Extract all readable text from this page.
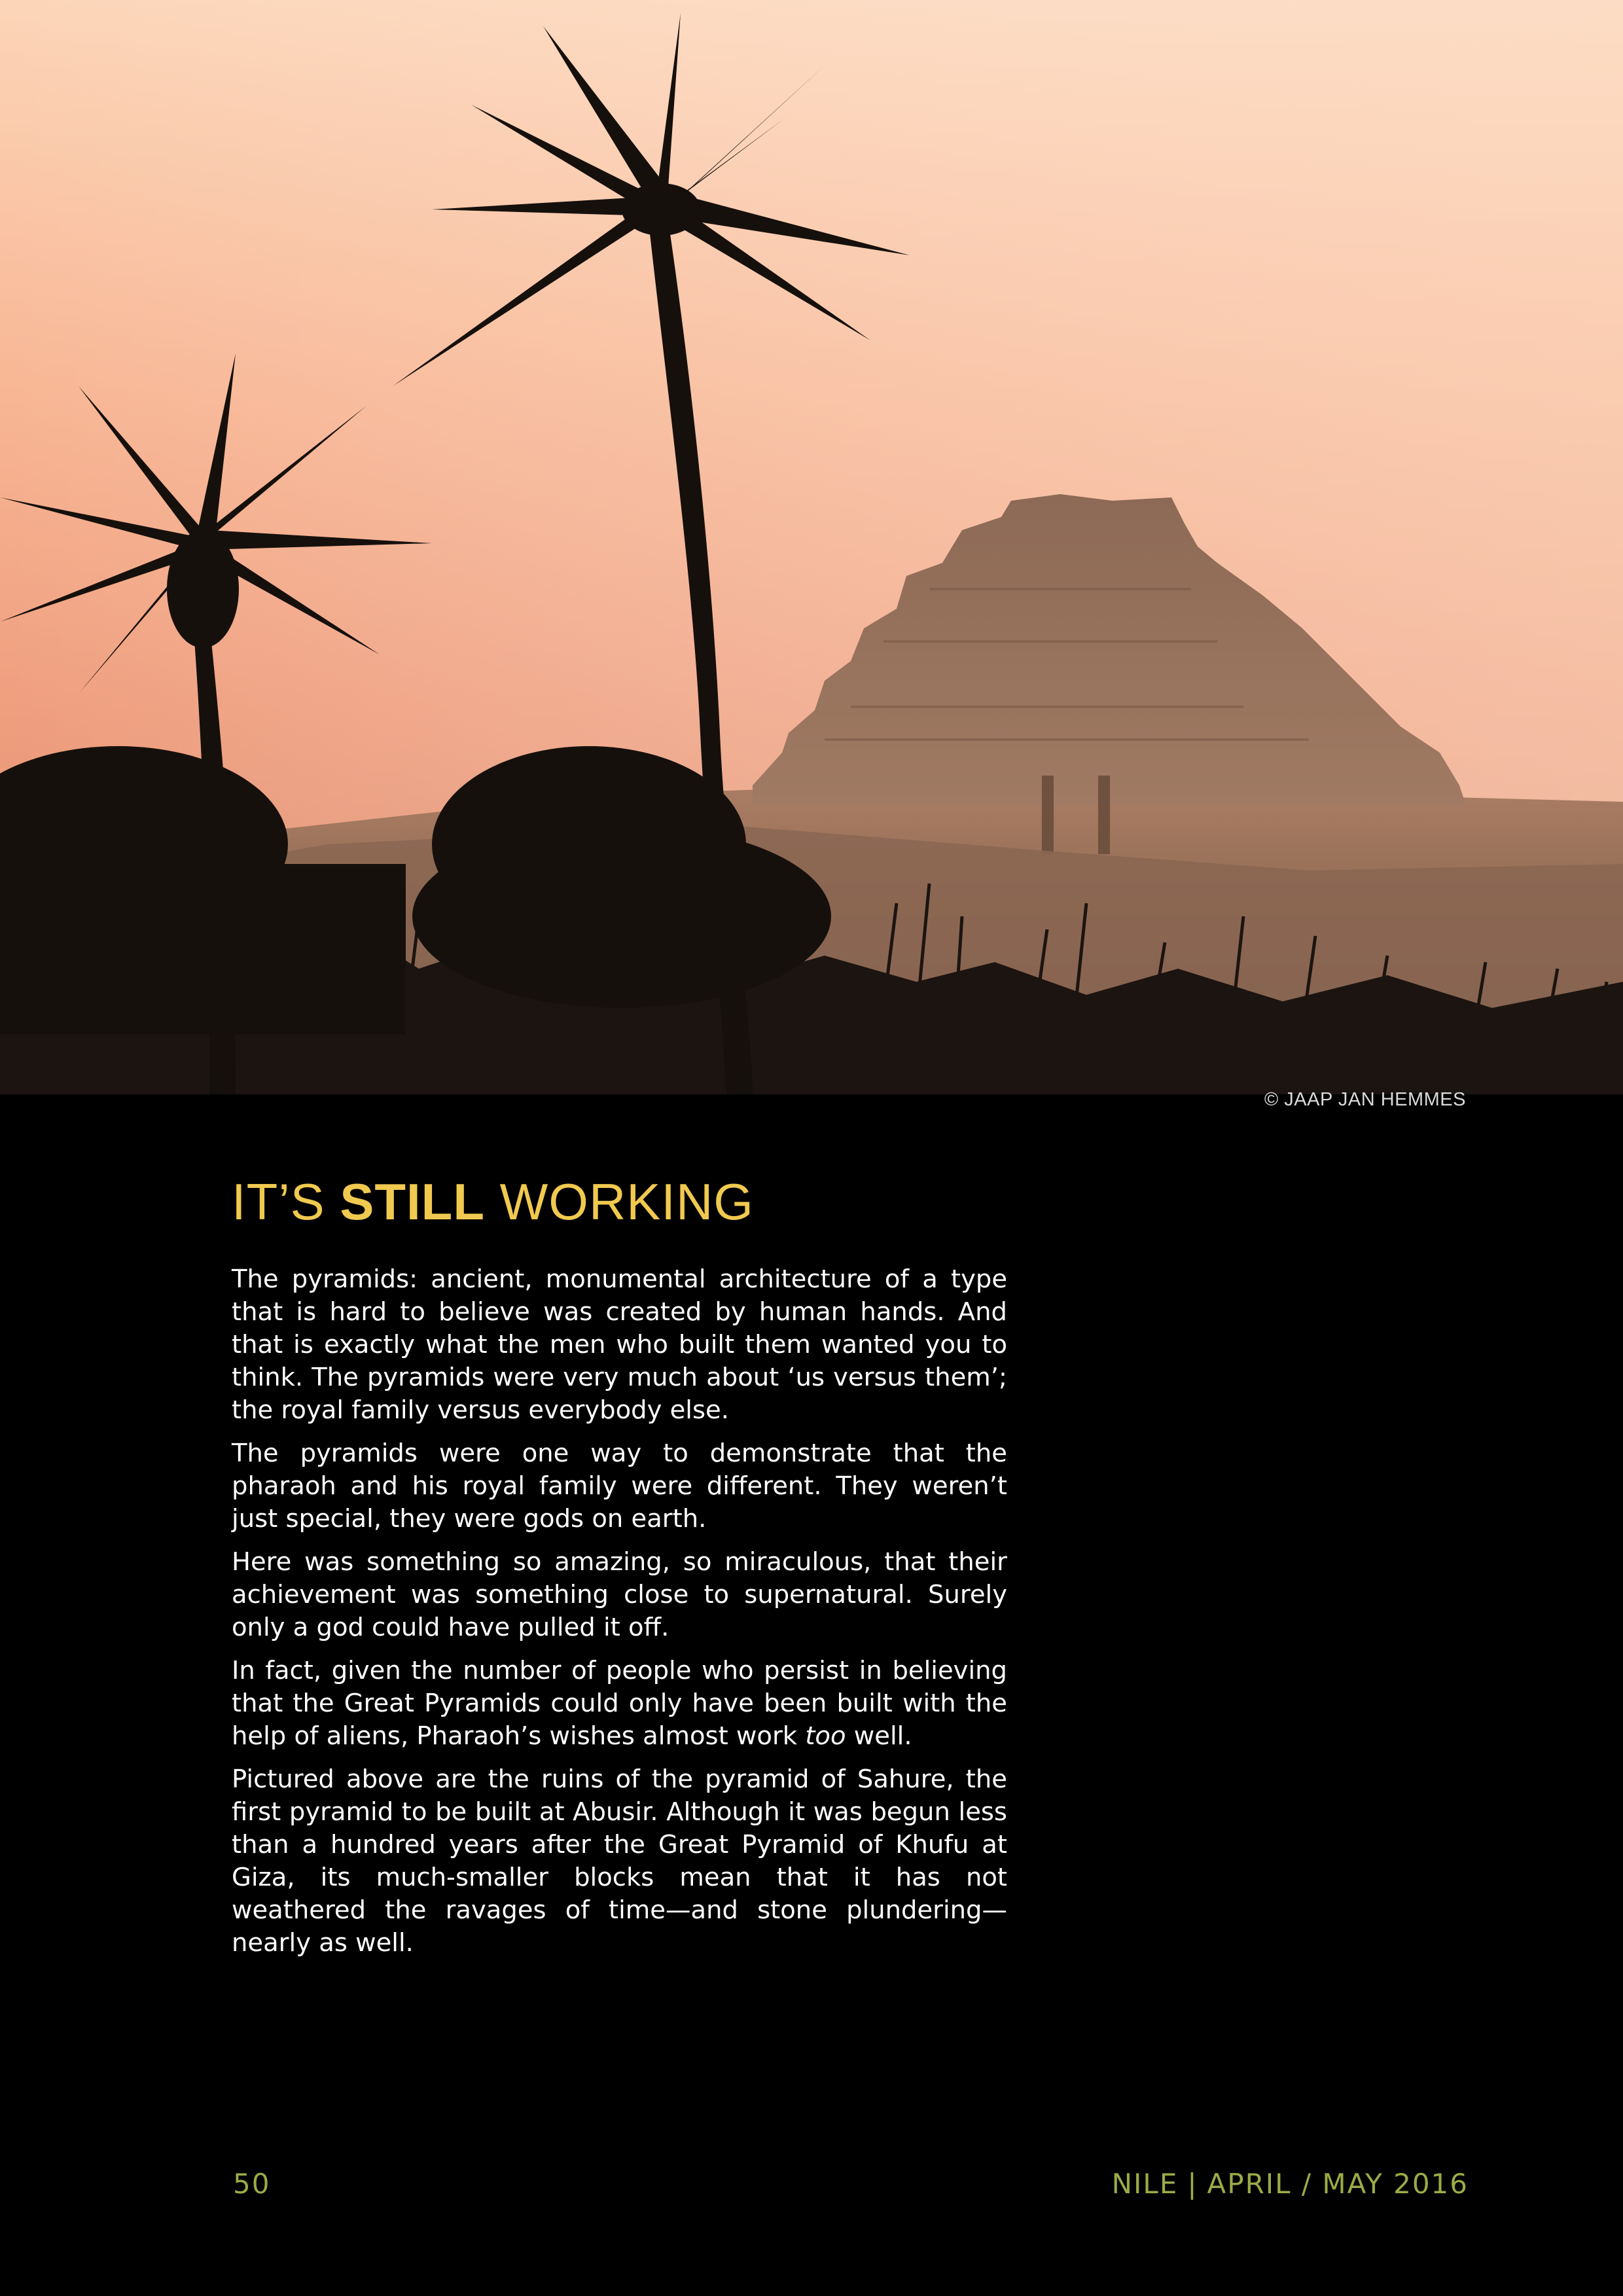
© JAAP JAN HEMMES
IT’S STILL WORKING

The pyramids: ancient, monumental architecture of a type that is hard to believe was created by human hands. And that is exactly what the men who built them wanted you to think. The pyramids were very much about ‘us versus them’; the royal family versus everybody else.

The pyramids were one way to demonstrate that the pharaoh and his royal family were different. They weren’t just special, they were gods on earth.

Here was something so amazing, so miraculous, that their achievement was something close to supernatural. Surely only a god could have pulled it off.

In fact, given the number of people who persist in believing that the Great Pyramids could only have been built with the help of aliens, Pharaoh’s wishes almost work too well.

Pictured above are the ruins of the pyramid of Sahure, the first pyramid to be built at Abusir. Although it was begun less than a hundred years after the Great Pyramid of Khufu at Giza, its much-smaller blocks mean that it has not weathered the ravages of time—and stone plundering—nearly as well.

50	NILE | APRIL / MAY 2016
